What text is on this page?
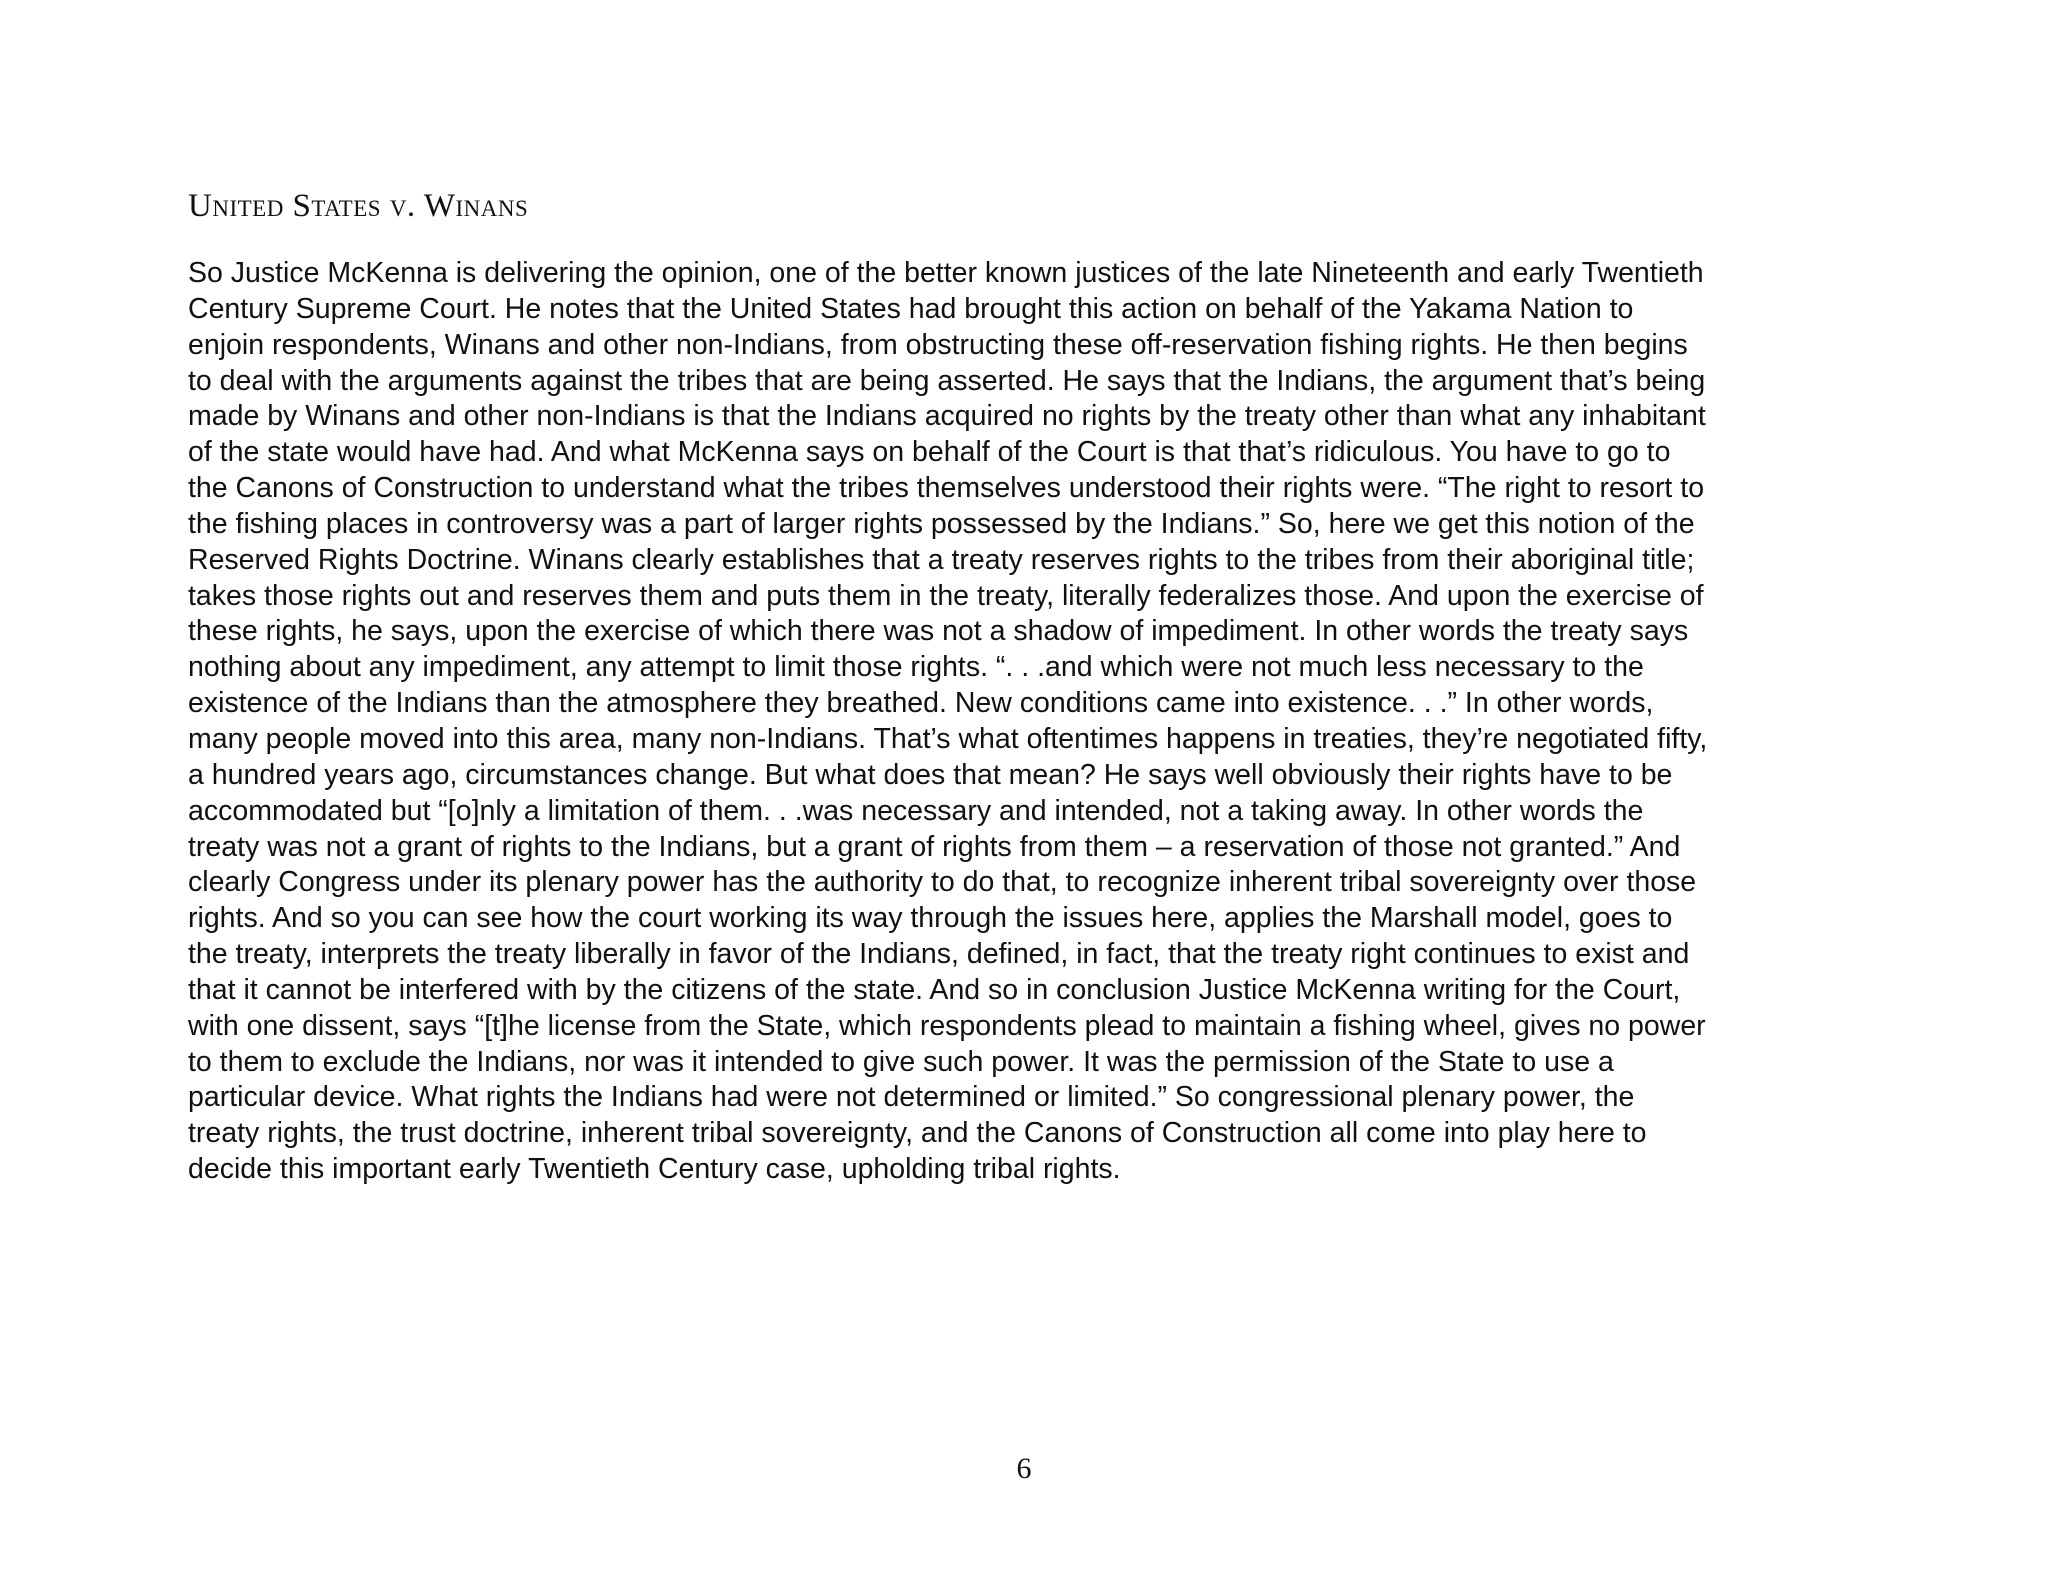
United States v. Winans
So Justice McKenna is delivering the opinion, one of the better known justices of the late Nineteenth and early Twentieth
Century Supreme Court. He notes that the United States had brought this action on behalf of the Yakama Nation to
enjoin respondents, Winans and other non-Indians, from obstructing these off-reservation fishing rights. He then begins
to deal with the arguments against the tribes that are being asserted. He says that the Indians, the argument that’s being
made by Winans and other non-Indians is that the Indians acquired no rights by the treaty other than what any inhabitant
of the state would have had. And what McKenna says on behalf of the Court is that that’s ridiculous. You have to go to
the Canons of Construction to understand what the tribes themselves understood their rights were. “The right to resort to
the fishing places in controversy was a part of larger rights possessed by the Indians.” So, here we get this notion of the
Reserved Rights Doctrine. Winans clearly establishes that a treaty reserves rights to the tribes from their aboriginal title;
takes those rights out and reserves them and puts them in the treaty, literally federalizes those. And upon the exercise of
these rights, he says, upon the exercise of which there was not a shadow of impediment. In other words the treaty says
nothing about any impediment, any attempt to limit those rights. “. . .and which were not much less necessary to the
existence of the Indians than the atmosphere they breathed. New conditions came into existence. . .” In other words,
many people moved into this area, many non-Indians. That’s what oftentimes happens in treaties, they’re negotiated fifty,
a hundred years ago, circumstances change. But what does that mean? He says well obviously their rights have to be
accommodated but “[o]nly a limitation of them. . .was necessary and intended, not a taking away. In other words the
treaty was not a grant of rights to the Indians, but a grant of rights from them – a reservation of those not granted.” And
clearly Congress under its plenary power has the authority to do that, to recognize inherent tribal sovereignty over those
rights. And so you can see how the court working its way through the issues here, applies the Marshall model, goes to
the treaty, interprets the treaty liberally in favor of the Indians, defined, in fact, that the treaty right continues to exist and
that it cannot be interfered with by the citizens of the state. And so in conclusion Justice McKenna writing for the Court,
with one dissent, says “[t]he license from the State, which respondents plead to maintain a fishing wheel, gives no power
to them to exclude the Indians, nor was it intended to give such power. It was the permission of the State to use a
particular device. What rights the Indians had were not determined or limited.” So congressional plenary power, the
treaty rights, the trust doctrine, inherent tribal sovereignty, and the Canons of Construction all come into play here to
decide this important early Twentieth Century case, upholding tribal rights.
6
